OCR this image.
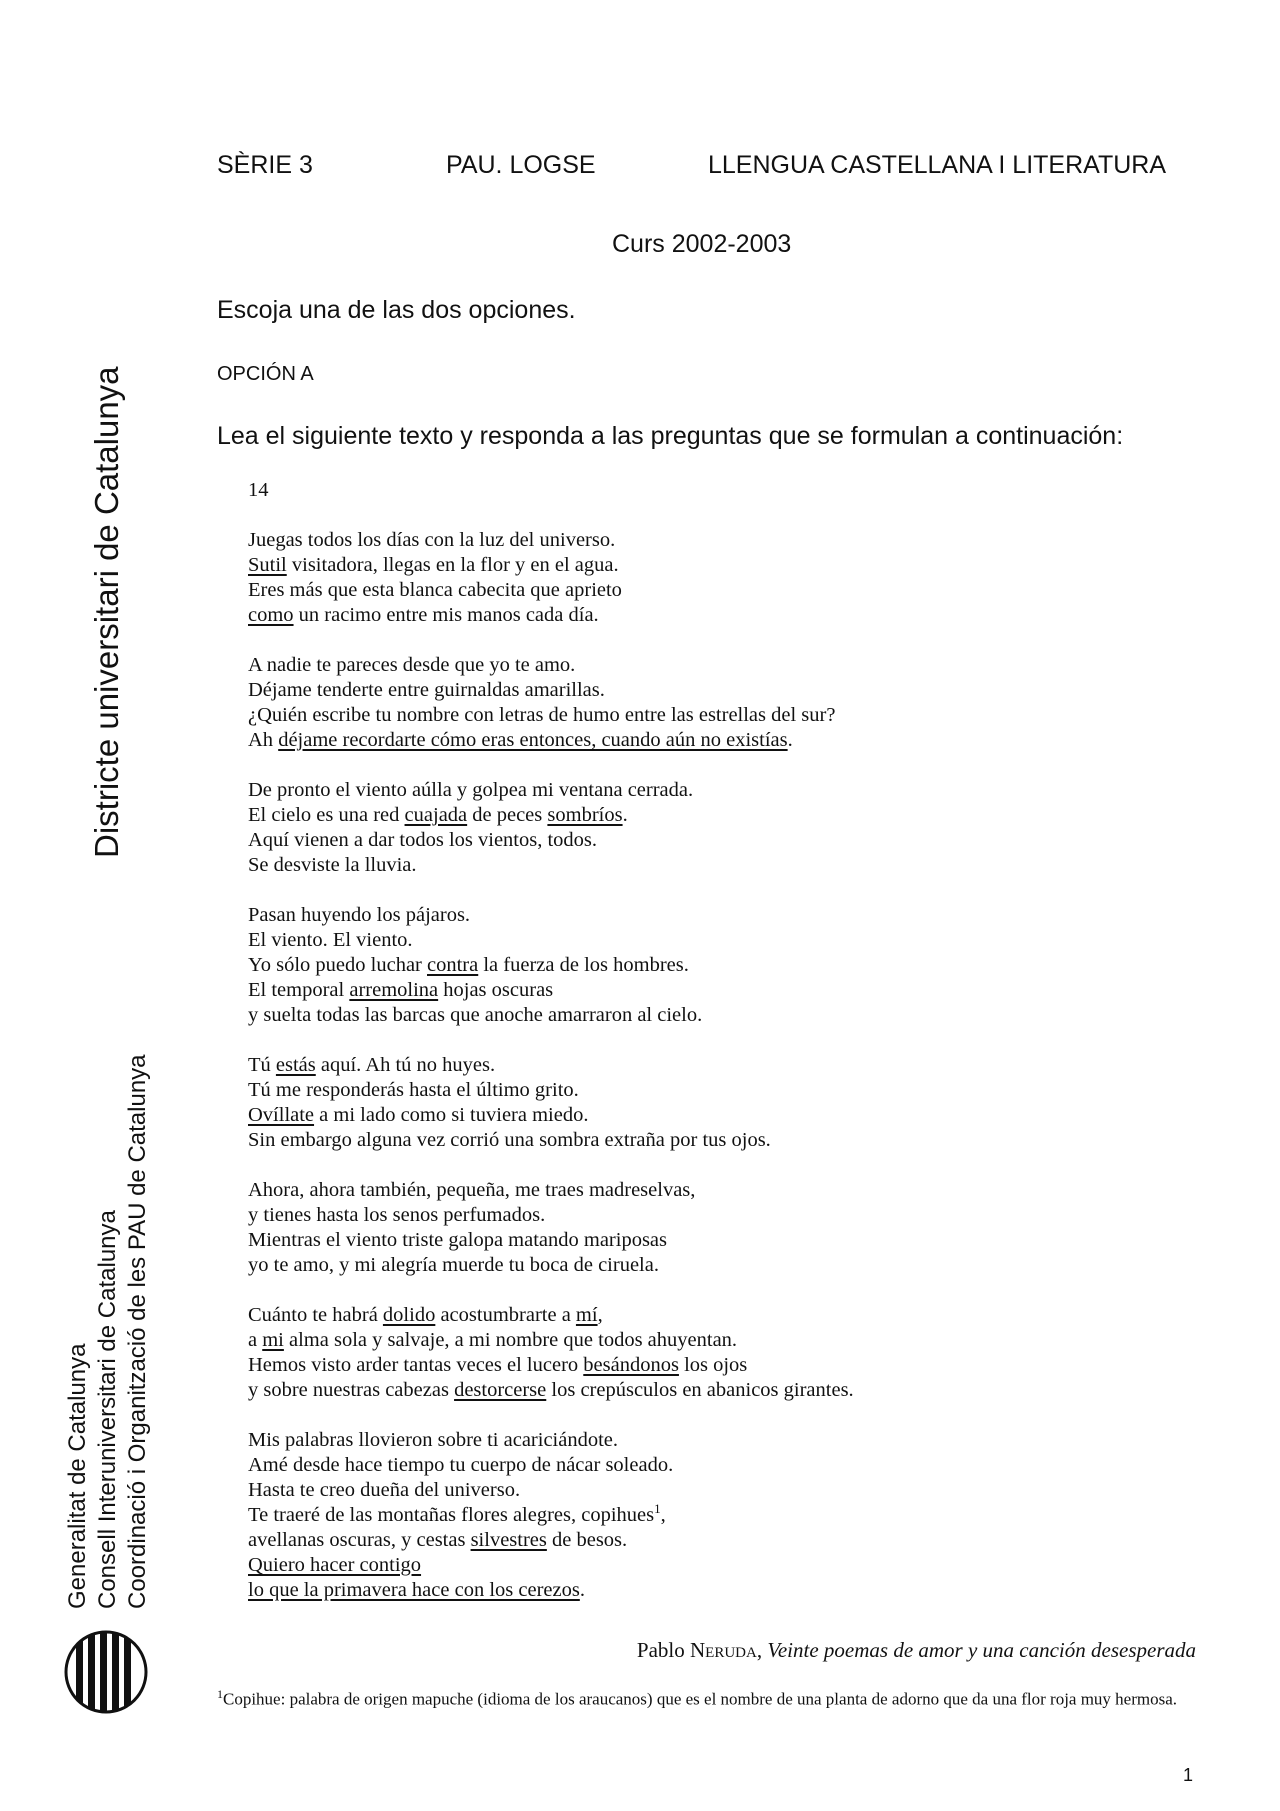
SÈRIE 3	PAU. LOGSE	LLENGUA CASTELLANA I LITERATURA
Curs 2002-2003
Escoja una de las dos opciones.
OPCIÓN A
Lea el siguiente texto y responda a las preguntas que se formulan a continuación:
14
Juegas todos los días con la luz del universo.
Sutil visitadora, llegas en la flor y en el agua.
Eres más que esta blanca cabecita que aprieto
como un racimo entre mis manos cada día.
A nadie te pareces desde que yo te amo.
Déjame tenderte entre guirnaldas amarillas.
¿Quién escribe tu nombre con letras de humo entre las estrellas del sur?
Ah déjame recordarte cómo eras entonces, cuando aún no existías.
De pronto el viento aúlla y golpea mi ventana cerrada.
El cielo es una red cuajada de peces sombríos.
Aquí vienen a dar todos los vientos, todos.
Se desviste la lluvia.
Pasan huyendo los pájaros.
El viento. El viento.
Yo sólo puedo luchar contra la fuerza de los hombres.
El temporal arremolina hojas oscuras
y suelta todas las barcas que anoche amarraron al cielo.
Tú estás aquí. Ah tú no huyes.
Tú me responderás hasta el último grito.
Ovíllate a mi lado como si tuviera miedo.
Sin embargo alguna vez corrió una sombra extraña por tus ojos.
Ahora, ahora también, pequeña, me traes madreselvas,
y tienes hasta los senos perfumados.
Mientras el viento triste galopa matando mariposas
yo te amo, y mi alegría muerde tu boca de ciruela.
Cuánto te habrá dolido acostumbrarte a mí,
a mi alma sola y salvaje, a mi nombre que todos ahuyentan.
Hemos visto arder tantas veces el lucero besándonos los ojos
y sobre nuestras cabezas destorcerse los crepúsculos en abanicos girantes.
Mis palabras llovieron sobre ti acariciándote.
Amé desde hace tiempo tu cuerpo de nácar soleado.
Hasta te creo dueña del universo.
Te traeré de las montañas flores alegres, copihues$^1$,
avellanas oscuras, y cestas silvestres de besos.
Quiero hacer contigo
lo que la primavera hace con los cerezos.
Pablo Neruda, Veinte poemas de amor y una canción desesperada
$^1$Copihue: palabra de origen mapuche (idioma de los araucanos) que es el nombre de una planta de adorno que da una flor roja muy hermosa.
1
Districte universitari de Catalunya
Generalitat de Catalunya Consell Interuniversitari de Catalunya Coordinació i Organització de les PAU de Catalunya
